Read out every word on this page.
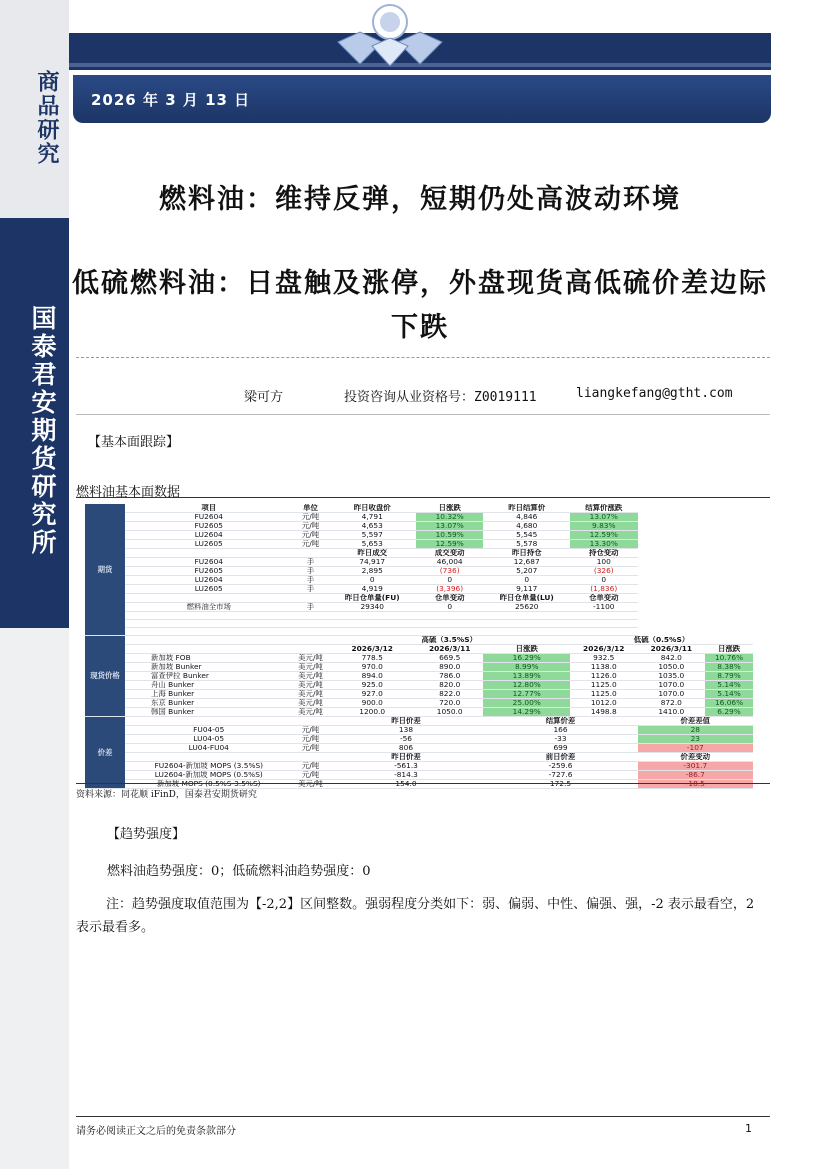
商品研究
国泰君安期货研究所
2026 年 3 月 13 日
燃料油：维持反弹，短期仍处高波动环境
低硫燃料油：日盘触及涨停，外盘现货高低硫价差边际下跌
梁可方	投资咨询从业资格号：Z0019111	liangkefang@gtht.com
【基本面跟踪】
燃料油基本面数据
期货	项目	单位	昨日收盘价	日涨跌	昨日结算价	结算价涨跌		
	FU2604	元/吨	4,791	10.32%	4,846	13.07%		
	FU2605	元/吨	4,653	13.07%	4,680	9.83%		
	LU2604	元/吨	5,597	10.59%	5,545	12.59%		
	LU2605	元/吨	5,653	12.59%	5,578	13.30%		
			昨日成交	成交变动	昨日持仓	持仓变动		
	FU2604	手	74,917	46,004	12,687	100		
	FU2605	手	2,895	(736)	5,207	(326)		
	LU2604	手	0	0	0	0		
	LU2605	手	4,919	(3,396)	9,117	(1,836)		
			昨日仓单量(FU)	仓单变动	昨日仓单量(LU)	仓单变动		
	燃料油全市场	手	29340	0	25620	-1100		

现货价格			高硫（3.5%S）			低硫（0.5%S）		
			2026/3/12	2026/3/11	日涨跌	2026/3/12	2026/3/11	日涨跌
	新加坡 FOB	美元/吨	778.5	669.5	16.29%	932.5	842.0	10.76%
	新加坡 Bunker	美元/吨	970.0	890.0	8.99%	1138.0	1050.0	8.38%
	富查伊拉 Bunker	美元/吨	894.0	786.0	13.89%	1126.0	1035.0	8.79%
	舟山 Bunker	美元/吨	925.0	820.0	12.80%	1125.0	1070.0	5.14%
	上海 Bunker	美元/吨	927.0	822.0	12.77%	1125.0	1070.0	5.14%
	东京 Bunker	美元/吨	900.0	720.0	25.00%	1012.0	872.0	16.06%
	韩国 Bunker	美元/吨	1200.0	1050.0	14.29%	1498.8	1410.0	6.29%
价差			昨日价差		结算价差		价差差值	
	FU04-05	元/吨	138		166		28	
	LU04-05	元/吨	-56		-33		23	
	LU04-FU04	元/吨	806		699		-107	
			昨日价差		前日价差		价差变动	
	FU2604-新加坡 MOPS (3.5%S)	元/吨	-561.3		-259.6		-301.7	
	LU2604-新加坡 MOPS (0.5%S)	元/吨	-814.3		-727.6		-86.7	
	新加坡 MOPS (0.5%S-3.5%S)	美元/吨	154.0		172.5		-18.5	
资料来源：同花顺 iFinD，国泰君安期货研究
【趋势强度】
燃料油趋势强度：0；低硫燃料油趋势强度：0
注：趋势强度取值范围为【-2,2】区间整数。强弱程度分类如下：弱、偏弱、中性、偏强、强，-2 表示最看空，2 表示最看多。
请务必阅读正文之后的免责条款部分	1
